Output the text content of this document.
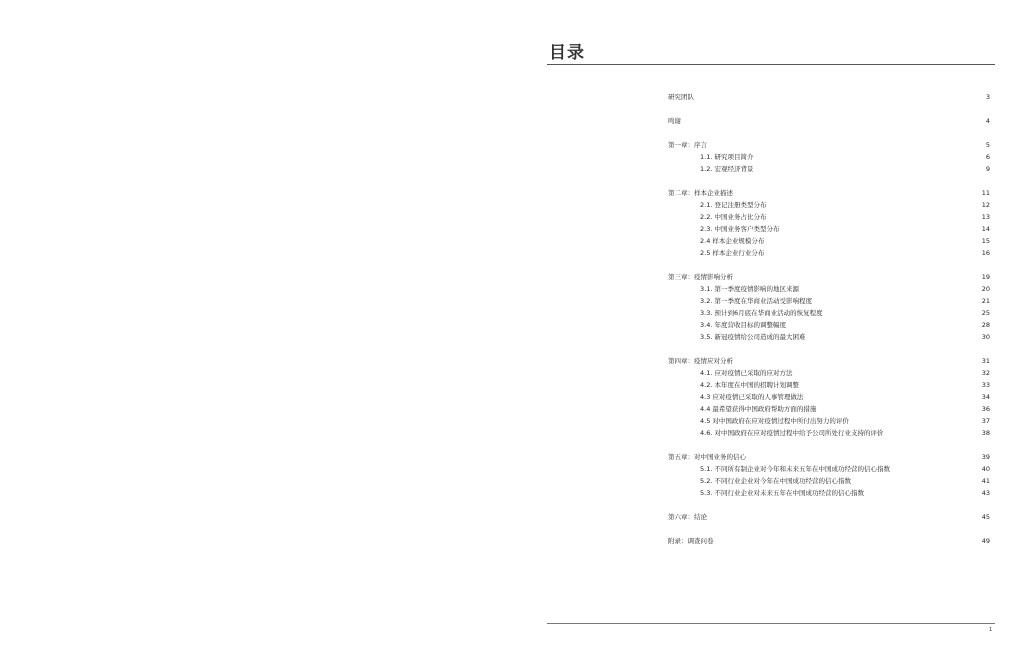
目录
研究团队	3
鸣谢	4
第一章：序言	5
1.1. 研究项目简介	6
1.2. 宏观经济背景	9
第二章：样本企业描述	11
2.1. 登记注册类型分布	12
2.2. 中国业务占比分布	13
2.3. 中国业务客户类型分布	14
2.4 样本企业规模分布	15
2.5 样本企业行业分布	16
第三章：疫情影响分析	19
3.1. 第一季度疫情影响的地区来源	20
3.2. 第一季度在华商业活动受影响程度	21
3.3. 预计到6月底在华商业活动的恢复程度	25
3.4. 年度营收目标的调整幅度	28
3.5. 新冠疫情给公司造成的最大困难	30
第四章：疫情应对分析	31
4.1. 应对疫情已采取的应对方法	32
4.2. 本年度在中国的招聘计划调整	33
4.3 应对疫情已采取的人事管理做法	34
4.4 最希望获得中国政府帮助方面的措施	36
4.5 对中国政府在应对疫情过程中所付出努力的评价	37
4.6. 对中国政府在应对疫情过程中给予公司所处行业支持的评价	38
第五章：对中国业务的信心	39
5.1. 不同所有制企业对今年和未来五年在中国成功经营的信心指数	40
5.2. 不同行业企业对今年在中国成功经营的信心指数	41
5.3. 不同行业企业对未来五年在中国成功经营的信心指数	43
第六章：结论	45
附录：调查问卷	49
1
